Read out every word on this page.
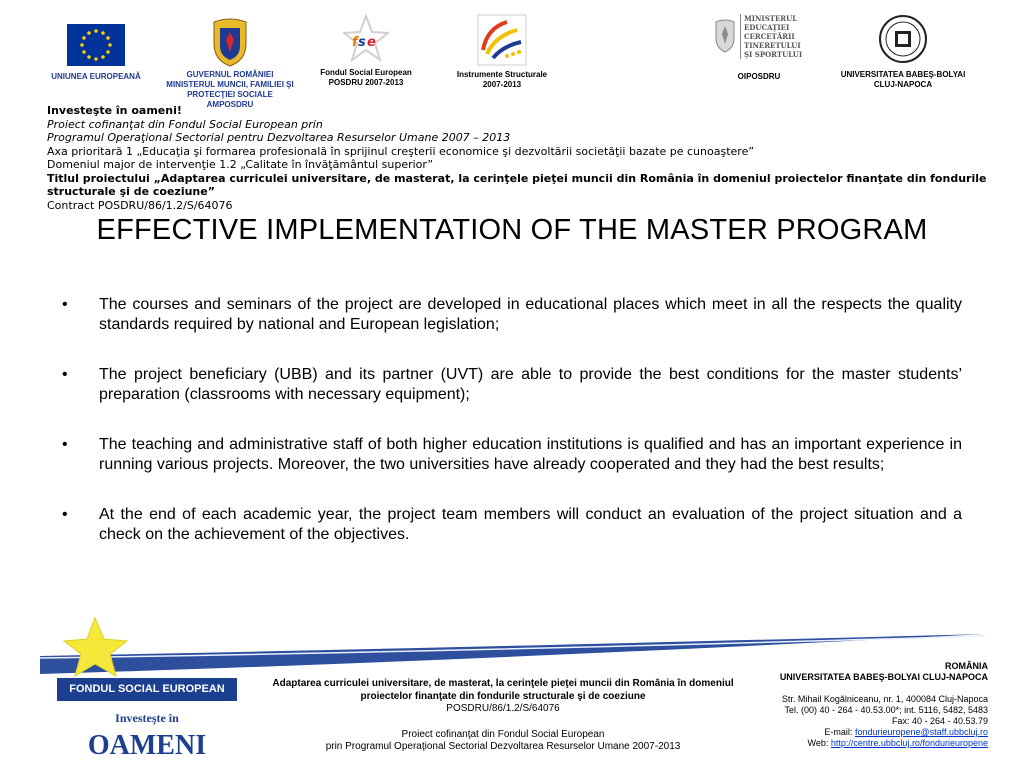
UNIUNEA EUROPEANĂ	GUVERNUL ROMÂNIEI MINISTERUL MUNCII, FAMILIEI ŞI PROTECŢIEI SOCIALE AMPOSDRU
f s e
Fondul Social European POSDRU 2007-2013
Instrumente Structurale 2007-2013
MINISTERUL EDUCAŢIEI CERCETĂRII TINERETULUI ŞI SPORTULUI
OIPOSDRU	UNIVERSITATEA BABEŞ-BOLYAI CLUJ-NAPOCA
Investeşte în oameni!
Proiect cofinanţat din Fondul Social European prin
Programul Operaţional Sectorial pentru Dezvoltarea Resurselor Umane 2007 – 2013
Axa prioritară 1 „Educaţia şi formarea profesională în sprijinul creşterii economice şi dezvoltării societăţii bazate pe cunoaştere”
Domeniul major de intervenţie 1.2 „Calitate în învăţământul superior”
Titlul proiectului „Adaptarea curriculei universitare, de masterat, la cerinţele pieţei muncii din România în domeniul proiectelor finanţate din fondurile structurale şi de coeziune”
Contract POSDRU/86/1.2/S/64076
EFFECTIVE IMPLEMENTATION OF THE MASTER PROGRAM
• The courses and seminars of the project are developed in educational places which meet in all the respects the quality standards required by national and European legislation;
• The project beneficiary (UBB) and its partner (UVT) are able to provide the best conditions for the master students’ preparation (classrooms with necessary equipment);
• The teaching and administrative staff of both higher education institutions is qualified and has an important experience in running various projects. Moreover, the two universities have already cooperated and they had the best results;
• At the end of each academic year, the project team members will conduct an evaluation of the project situation and a check on the achievement of the objectives.
FONDUL SOCIAL EUROPEAN
Investeşte în
OAMENI
Adaptarea curriculei universitare, de masterat, la cerinţele pieţei muncii din România în domeniul proiectelor finanţate din fondurile structurale şi de coeziune
POSDRU/86/1.2/S/64076
Proiect cofinanţat din Fondul Social European
prin Programul Operaţional Sectorial Dezvoltarea Resurselor Umane 2007-2013
ROMÂNIA
UNIVERSITATEA BABEŞ-BOLYAI CLUJ-NAPOCA
Str. Mihail Kogălniceanu, nr. 1, 400084 Cluj-Napoca
Tel. (00) 40 - 264 - 40.53.00*; int. 5116, 5482, 5483
Fax: 40 - 264 - 40.53.79
E-mail: fondurieuropene@staff.ubbcluj.ro
Web: http://centre.ubbcluj.ro/fondurieuropene
